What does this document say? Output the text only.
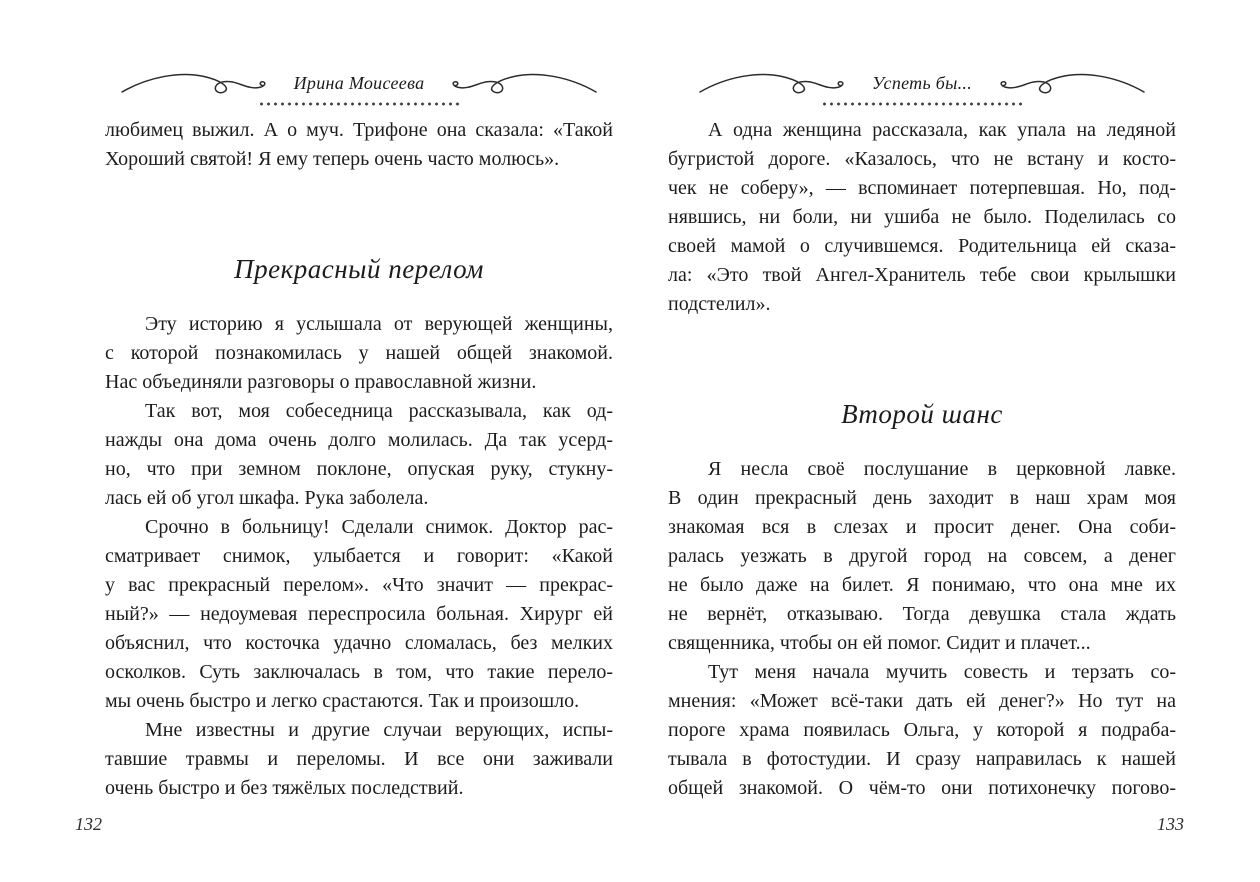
Ирина Моисеева
любимец выжил. А о муч. Трифоне она сказала: «Такой
Хороший святой! Я ему теперь очень часто молюсь».
Прекрасный перелом
Эту историю я услышала от верующей женщины,
с которой познакомилась у нашей общей знакомой.
Нас объединяли разговоры о православной жизни.
Так вот, моя собеседница рассказывала, как од-
нажды она дома очень долго молилась. Да так усерд-
но, что при земном поклоне, опуская руку, стукну-
лась ей об угол шкафа. Рука заболела.
Срочно в больницу! Сделали снимок. Доктор рас-
сматривает снимок, улыбается и говорит: «Какой
у вас прекрасный перелом». «Что значит — прекрас-
ный?» — недоумевая переспросила больная. Хирург ей
объяснил, что косточка удачно сломалась, без мелких
осколков. Суть заключалась в том, что такие перело-
мы очень быстро и легко срастаются. Так и произошло.
Мне известны и другие случаи верующих, испы-
тавшие травмы и переломы. И все они заживали
очень быстро и без тяжёлых последствий.
132
Успеть бы...
А одна женщина рассказала, как упала на ледяной
бугристой дороге. «Казалось, что не встану и косто-
чек не соберу», — вспоминает потерпевшая. Но, под-
нявшись, ни боли, ни ушиба не было. Поделилась со
своей мамой о случившемся. Родительница ей сказа-
ла: «Это твой Ангел-Хранитель тебе свои крылышки
подстелил».
Второй шанс
Я несла своё послушание в церковной лавке.
В один прекрасный день заходит в наш храм моя
знакомая вся в слезах и просит денег. Она соби-
ралась уезжать в другой город на совсем, а денег
не было даже на билет. Я понимаю, что она мне их
не вернёт, отказываю. Тогда девушка стала ждать
священника, чтобы он ей помог. Сидит и плачет...
Тут меня начала мучить совесть и терзать со-
мнения: «Может всё-таки дать ей денег?» Но тут на
пороге храма появилась Ольга, у которой я подраба-
тывала в фотостудии. И сразу направилась к нашей
общей знакомой. О чём-то они потихонечку погово-
133
